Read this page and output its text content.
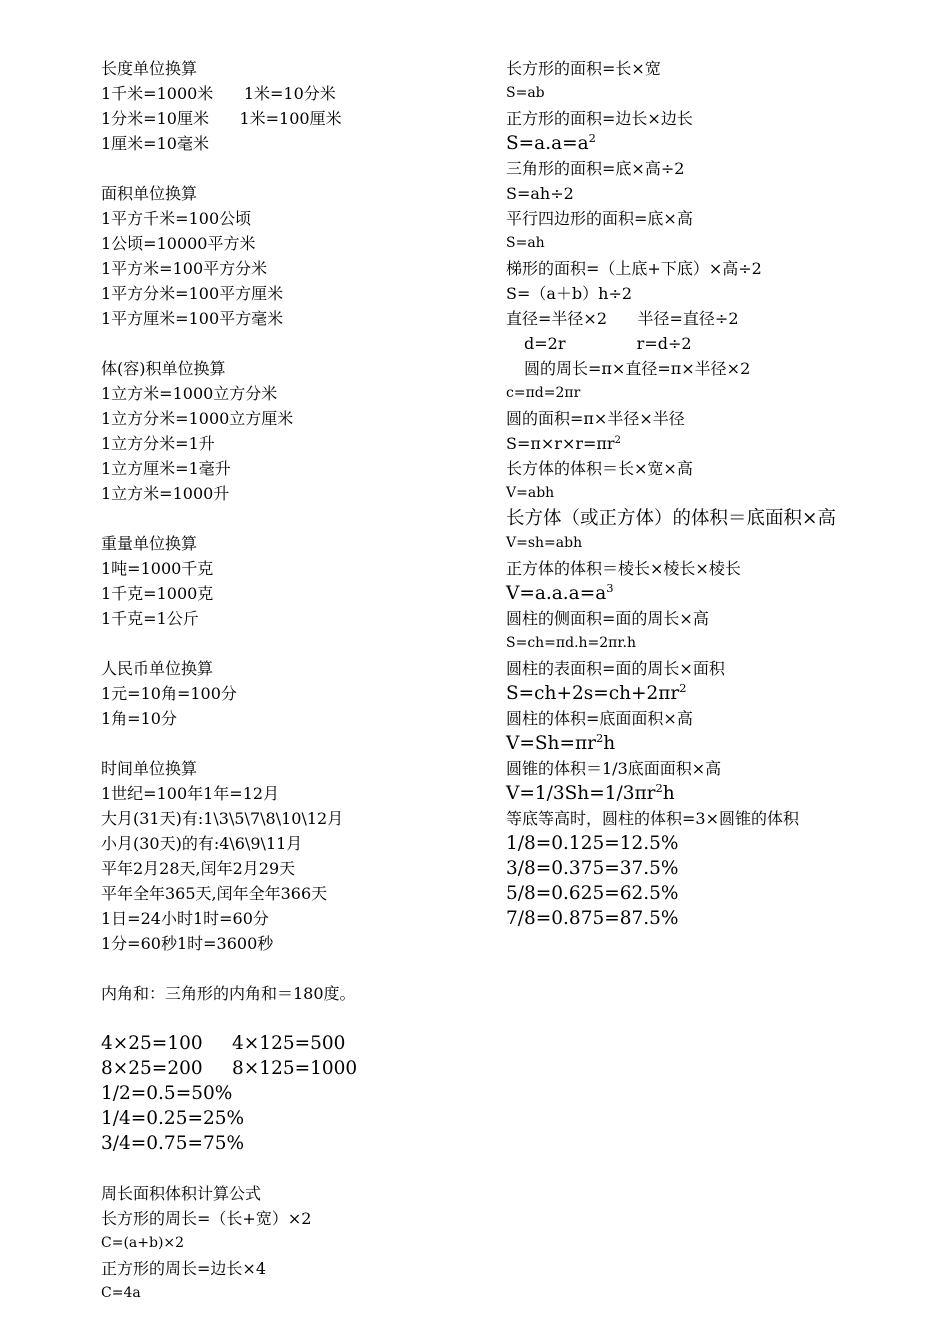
长度单位换算
1千米=1000米      1米=10分米
1分米=10厘米      1米=100厘米
1厘米=10毫米
面积单位换算
1平方千米=100公顷
1公顷=10000平方米
1平方米=100平方分米
1平方分米=100平方厘米
1平方厘米=100平方毫米
体(容)积单位换算
1立方米=1000立方分米
1立方分米=1000立方厘米
1立方分米=1升
1立方厘米=1毫升
1立方米=1000升
重量单位换算
1吨=1000千克
1千克=1000克
1千克=1公斤
人民币单位换算
1元=10角=100分
1角=10分
时间单位换算
1世纪=100年1年=12月
大月(31天)有:1\3\5\7\8\10\12月
小月(30天)的有:4\6\9\11月
平年2月28天,闰年2月29天
平年全年365天,闰年全年366天
1日=24小时1时=60分
1分=60秒1时=3600秒
内角和：三角形的内角和＝180度。
4×25=100     4×125=500
8×25=200     8×125=1000
1/2=0.5=50%
1/4=0.25=25%
3/4=0.75=75%
周长面积体积计算公式
长方形的周长=（长+宽）×2
C=(a+b)×2
正方形的周长=边长×4
C=4a
长方形的面积=长×宽
S=ab
正方形的面积=边长×边长
$S=a.a=a^2$
三角形的面积=底×高÷2
S=ah÷2
平行四边形的面积=底×高
S=ah
梯形的面积=（上底+下底）×高÷2
S=（a＋b）h÷2
直径=半径×2      半径=直径÷2
d=2r              r=d÷2
圆的周长=π×直径=π×半径×2
c=πd=2πr
圆的面积=π×半径×半径
$S=\pi\times r\times r=\pi r^2$
长方体的体积＝长×宽×高
V=abh
长方体（或正方体）的体积＝底面积×高
V=sh=abh
正方体的体积＝棱长×棱长×棱长
$V=a.a.a=a^3$
圆柱的侧面积=面的周长×高
S=ch=πd.h=2πr.h
圆柱的表面积=面的周长×面积
$S=ch+2s=ch+2\pi r^2$
圆柱的体积=底面面积×高
$V=Sh=\pi r^2h$
圆锥的体积＝1/3底面面积×高
$V=1/3Sh=1/3\pi r^2h$
等底等高时，圆柱的体积=3×圆锥的体积
1/8=0.125=12.5%
3/8=0.375=37.5%
5/8=0.625=62.5%
7/8=0.875=87.5%
